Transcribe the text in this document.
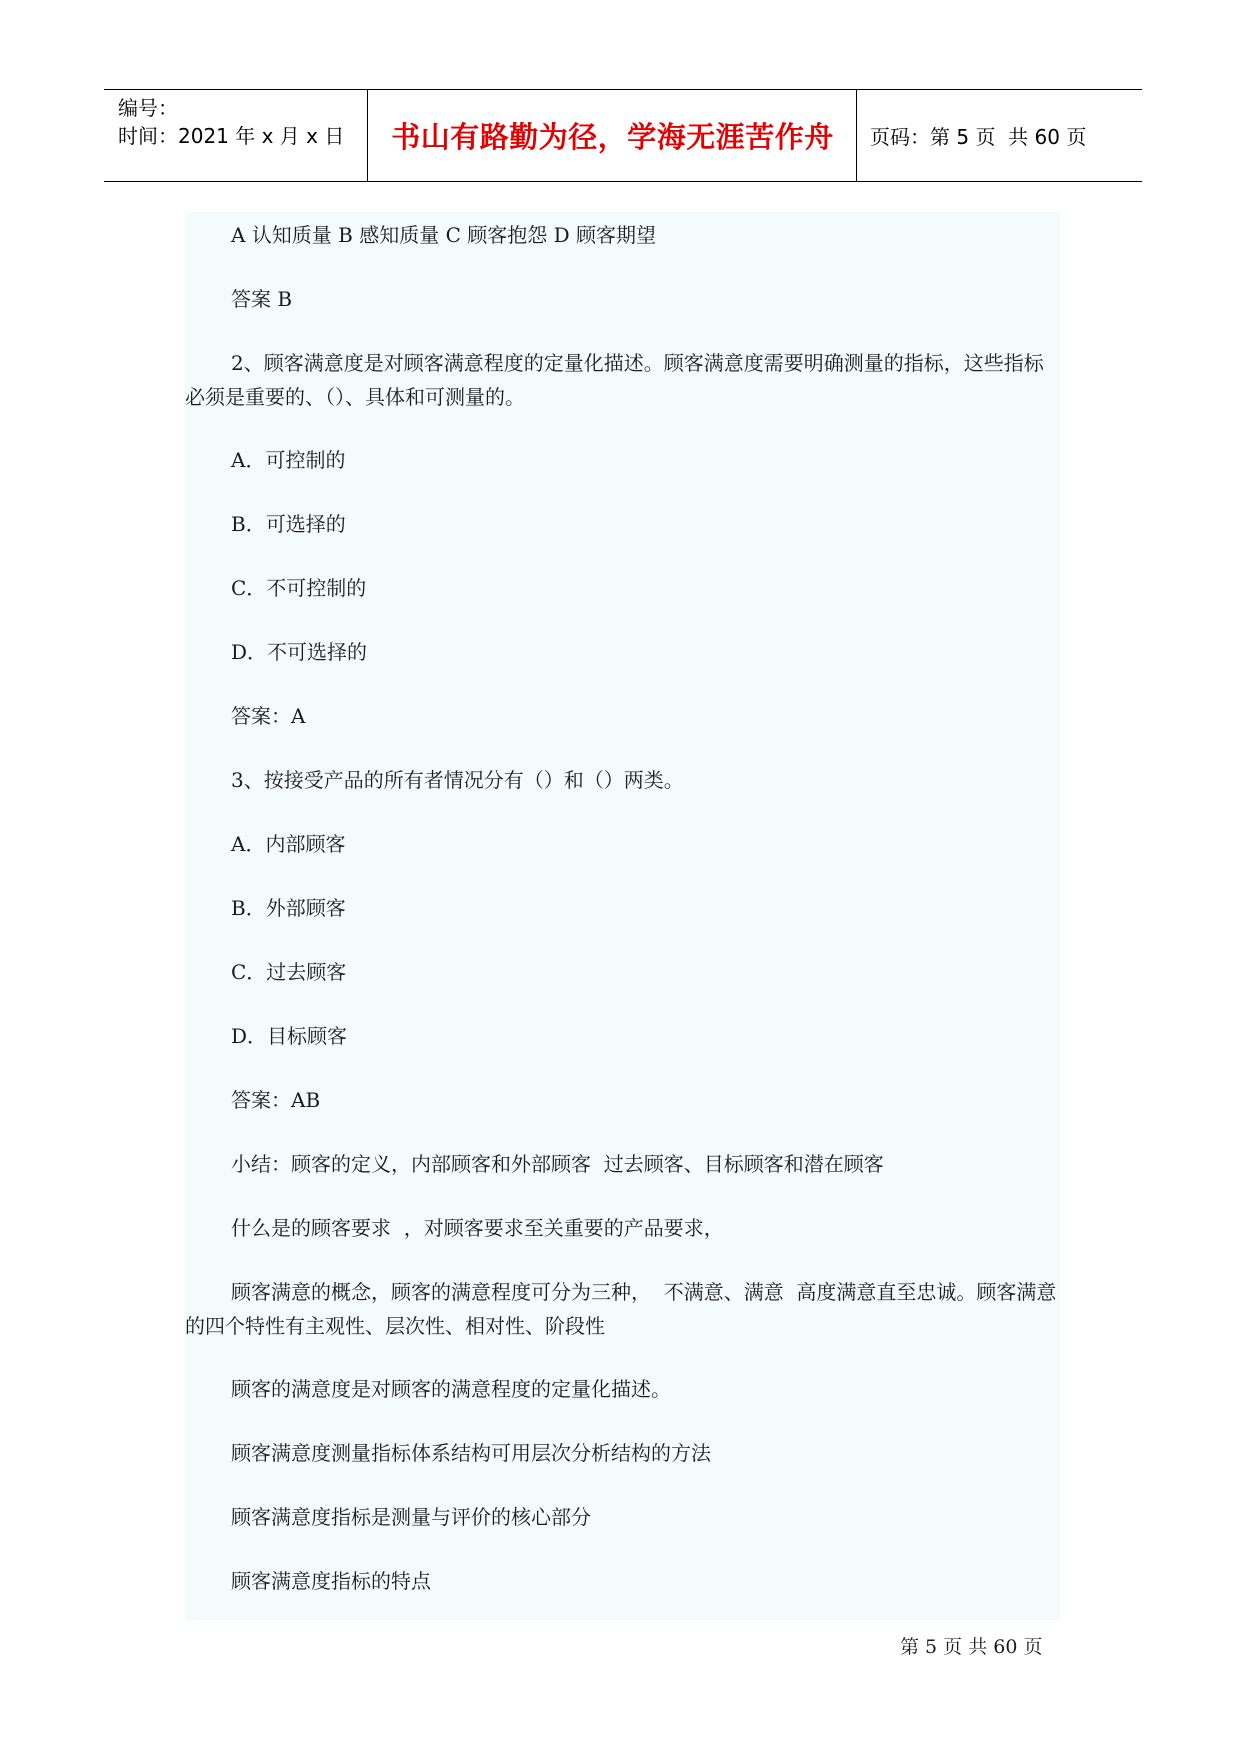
编号：
时间：2021 年 x 月 x 日	书山有路勤为径，学海无涯苦作舟	页码：第 5 页  共 60 页
A 认知质量 B 感知质量 C 顾客抱怨 D 顾客期望
答案 B
2、顾客满意度是对顾客满意程度的定量化描述。顾客满意度需要明确测量的指标，这些指标必须是重要的、（）、具体和可测量的。
A．可控制的
B．可选择的
C．不可控制的
D．不可选择的
答案：A
3、按接受产品的所有者情况分有（）和（）两类。
A．内部顾客
B．外部顾客
C．过去顾客
D．目标顾客
答案：AB
小结：顾客的定义，内部顾客和外部顾客  过去顾客、目标顾客和潜在顾客
什么是的顾客要求  ，对顾客要求至关重要的产品要求，
顾客满意的概念，顾客的满意程度可分为三种，  不满意、满意  高度满意直至忠诚。顾客满意的四个特性有主观性、层次性、相对性、阶段性
顾客的满意度是对顾客的满意程度的定量化描述。
顾客满意度测量指标体系结构可用层次分析结构的方法
顾客满意度指标是测量与评价的核心部分
顾客满意度指标的特点
第 5 页 共 60 页
